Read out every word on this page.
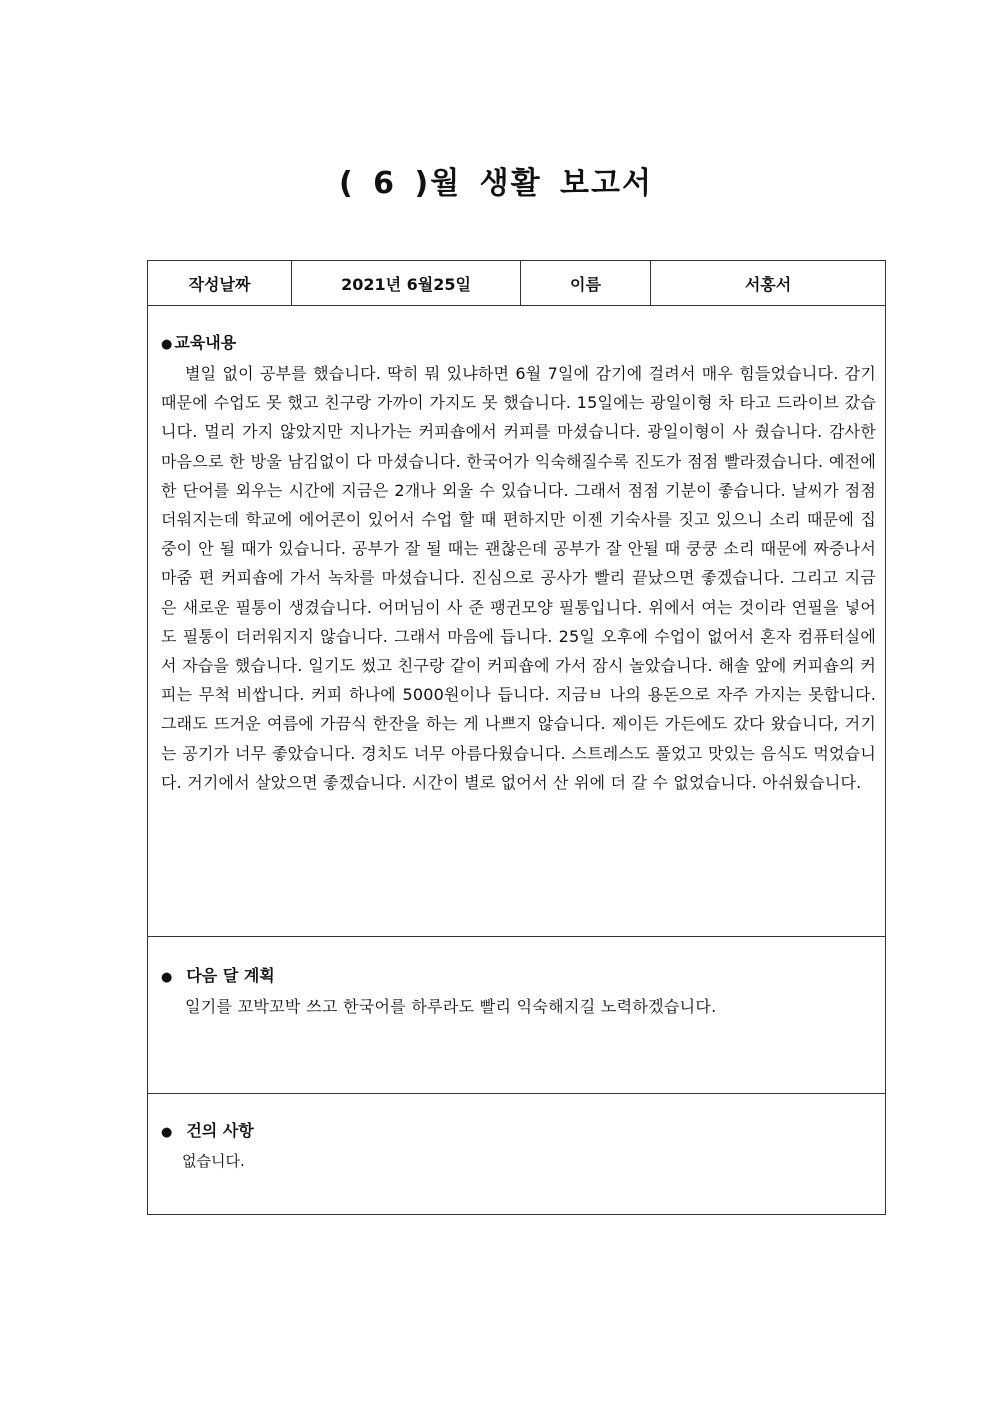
( 6 )월 생활 보고서
작성날짜	2021년 6월25일	이름	서홍서

● 교육내용

별일 없이 공부를 했습니다. 딱히 뭐 있냐하면 6월 7일에 감기에 걸려서 매우 힘들었습니다. 감기 때문에 수업도 못 했고 친구랑 가까이 가지도 못 했습니다. 15일에는 광일이형 차 타고 드라이브 갔습니다. 멀리 가지 않았지만 지나가는 커피숍에서 커피를 마셨습니다. 광일이형이 사 줬습니다. 감사한 마음으로 한 방울 남김없이 다 마셨습니다. 한국어가 익숙해질수록 진도가 점점 빨라졌습니다. 예전에 한 단어를 외우는 시간에 지금은 2개나 외울 수 있습니다. 그래서 점점 기분이 좋습니다. 날씨가 점점 더워지는데 학교에 에어콘이 있어서 수업 할 때 편하지만 이젠 기숙사를 짓고 있으니 소리 때문에 집중이 안 될 때가 있습니다. 공부가 잘 될 때는 괜찮은데 공부가 잘 안될 때 쿵쿵 소리 때문에 짜증나서 마줌 편 커피숍에 가서 녹차를 마셨습니다. 진심으로 공사가 빨리 끝났으면 좋겠습니다. 그리고 지금은 새로운 필통이 생겼습니다. 어머님이 사 준 팽귄모양 필통입니다. 위에서 여는 것이라 연필을 넣어도 필통이 더러워지지 않습니다. 그래서 마음에 듭니다. 25일 오후에 수업이 없어서 혼자 컴퓨터실에서 자습을 했습니다. 일기도 썼고 친구랑 같이 커피숍에 가서 잠시 놀았습니다. 해솔 앞에 커피숍의 커피는 무척 비쌉니다. 커피 하나에 5000원이나 듭니다. 지금ㅂ 나의 용돈으로 자주 가지는 못합니다. 그래도 뜨거운 여름에 가끔식 한잔을 하는 게 나쁘지 않습니다. 제이든 가든에도 갔다 왔습니다, 거기는 공기가 너무 좋았습니다. 경치도 너무 아름다웠습니다. 스트레스도 풀었고 맛있는 음식도 먹었습니다. 거기에서 살았으면 좋겠습니다. 시간이 별로 없어서 산 위에 더 갈 수 없었습니다. 아쉬웠습니다.

● 다음 달 계획

일기를 꼬박꼬박 쓰고 한국어를 하루라도 빨리 익숙해지길 노력하겠습니다.

● 건의 사항

없습니다.
